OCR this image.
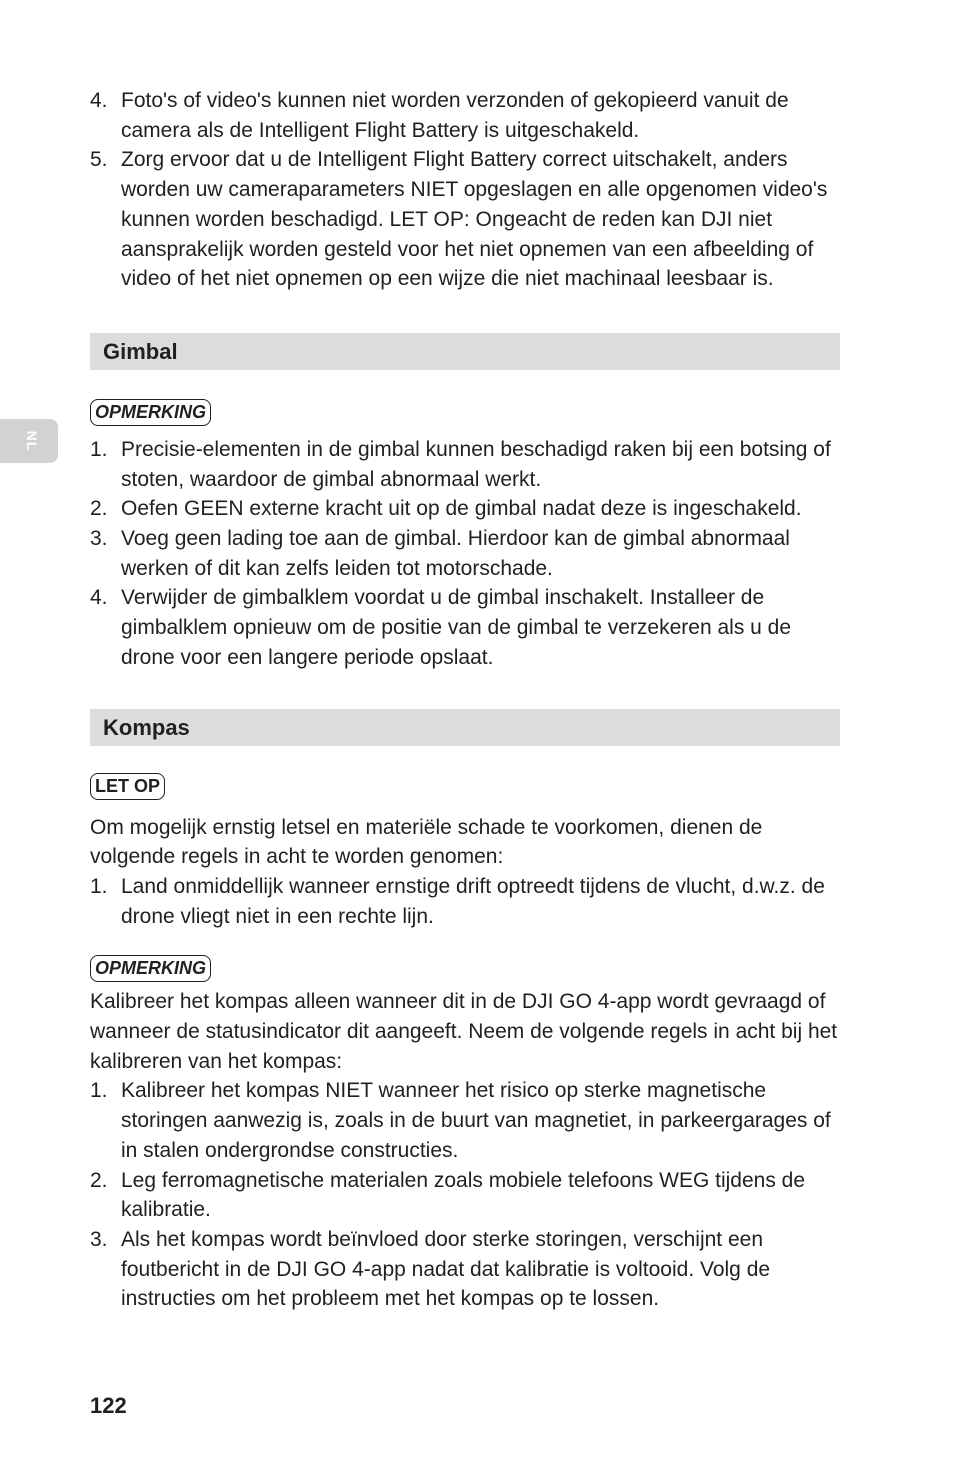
NL
4. Foto's of video's kunnen niet worden verzonden of gekopieerd vanuit de camera als de Intelligent Flight Battery is uitgeschakeld.
5. Zorg ervoor dat u de Intelligent Flight Battery correct uitschakelt, anders worden uw cameraparameters NIET opgeslagen en alle opgenomen video's kunnen worden beschadigd. LET OP: Ongeacht de reden kan DJI niet aansprakelijk worden gesteld voor het niet opnemen van een afbeelding of video of het niet opnemen op een wijze die niet machinaal leesbaar is.
Gimbal
OPMERKING
1. Precisie-elementen in de gimbal kunnen beschadigd raken bij een botsing of stoten, waardoor de gimbal abnormaal werkt.
2. Oefen GEEN externe kracht uit op de gimbal nadat deze is ingeschakeld.
3. Voeg geen lading toe aan de gimbal. Hierdoor kan de gimbal abnormaal werken of dit kan zelfs leiden tot motorschade.
4. Verwijder de gimbalklem voordat u de gimbal inschakelt. Installeer de gimbalklem opnieuw om de positie van de gimbal te verzekeren als u de drone voor een langere periode opslaat.
Kompas
LET OP

Om mogelijk ernstig letsel en materiële schade te voorkomen, dienen de volgende regels in acht te worden genomen:

1. Land onmiddellijk wanneer ernstige drift optreedt tijdens de vlucht, d.w.z. de drone vliegt niet in een rechte lijn.
OPMERKING

Kalibreer het kompas alleen wanneer dit in de DJI GO 4-app wordt gevraagd of wanneer de statusindicator dit aangeeft. Neem de volgende regels in acht bij het kalibreren van het kompas:

1. Kalibreer het kompas NIET wanneer het risico op sterke magnetische storingen aanwezig is, zoals in de buurt van magnetiet, in parkeergarages of in stalen ondergrondse constructies.
2. Leg ferromagnetische materialen zoals mobiele telefoons WEG tijdens de kalibratie.
3. Als het kompas wordt beïnvloed door sterke storingen, verschijnt een foutbericht in de DJI GO 4-app nadat dat kalibratie is voltooid. Volg de instructies om het probleem met het kompas op te lossen.
122
